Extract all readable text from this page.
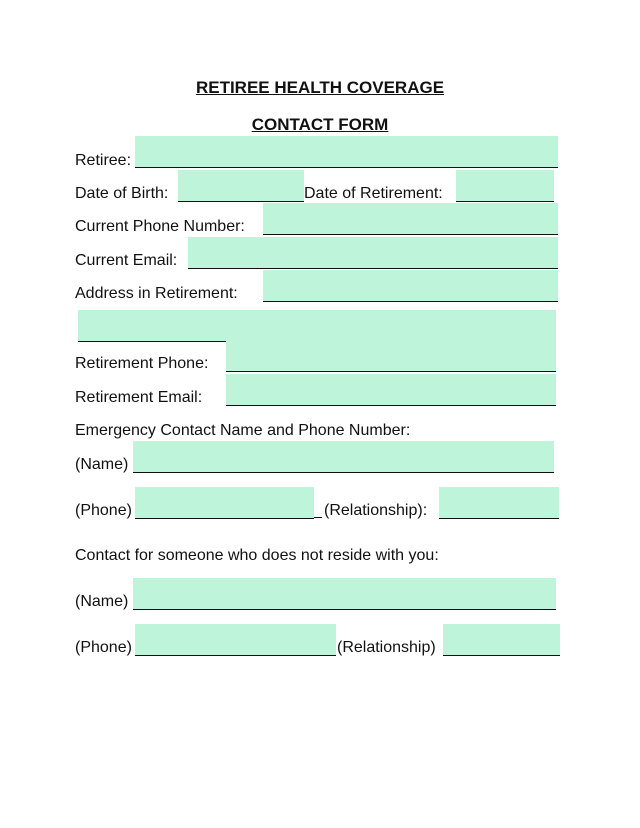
RETIREE HEALTH COVERAGE
CONTACT FORM
Retiree:
Date of Birth:	Date of Retirement:
Current Phone Number:
Current Email:
Address in Retirement:
Retirement Phone:
Retirement Email:
Emergency Contact Name and Phone Number:
(Name)
(Phone)	(Relationship):
Contact for someone who does not reside with you:
(Name)
(Phone)	(Relationship)
